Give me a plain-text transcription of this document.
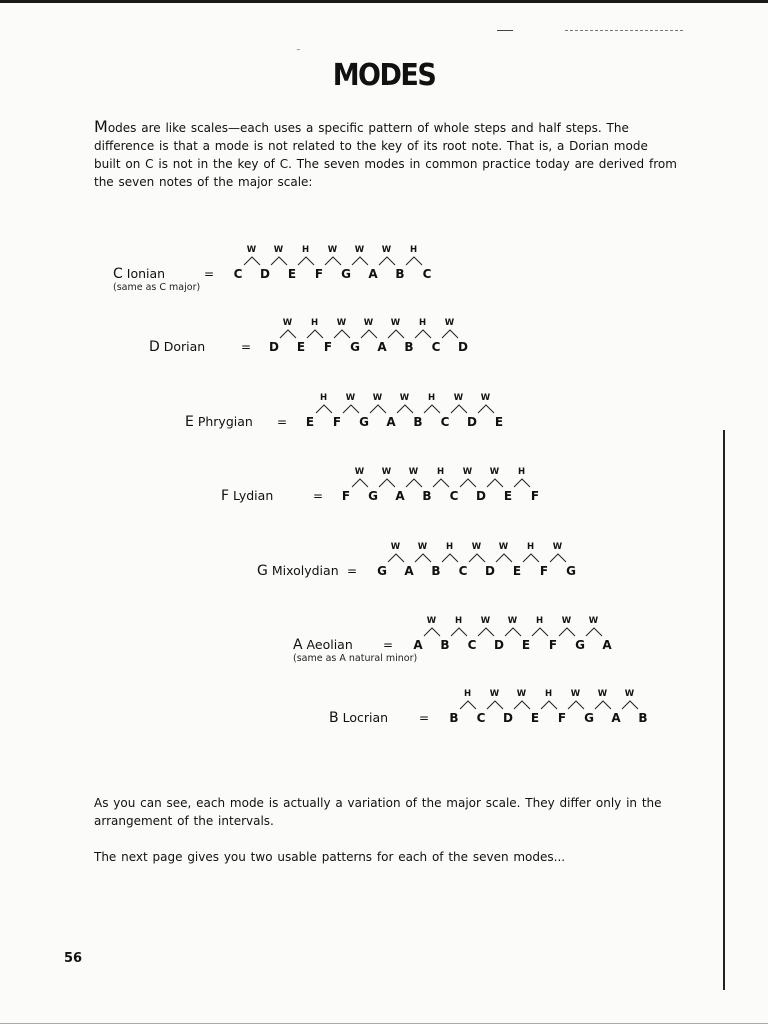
˜
MODES
Modes are like scales—each uses a specific pattern of whole steps and half steps. The difference is that a mode is not related to the key of its root note. That is, a Dorian mode built on C is not in the key of C. The seven modes in common practice today are derived from the seven notes of the major scale:
C Ionian
(same as C major)
= C D E F G A B C
W W	H	W W W	H
D Dorian	= D E F G A B C D
W	H	W W W	H	W
E Phrygian = E F G A B C D E
H	W W W	H	W W
F Lydian	= F G A B C D E F
W W W	H	W W	H
G Mixolydian = G A B C D E F G
W W	H	W W	H	W
A Aeolian
(same as A natural minor)
= A B C D E F G A
W	H	W W	H	W W
B Locrian	= B C D E F G A B
H	W W	H	W W W
As you can see, each mode is actually a variation of the major scale. They differ only in the arrangement of the intervals.
The next page gives you two usable patterns for each of the seven modes...
56
